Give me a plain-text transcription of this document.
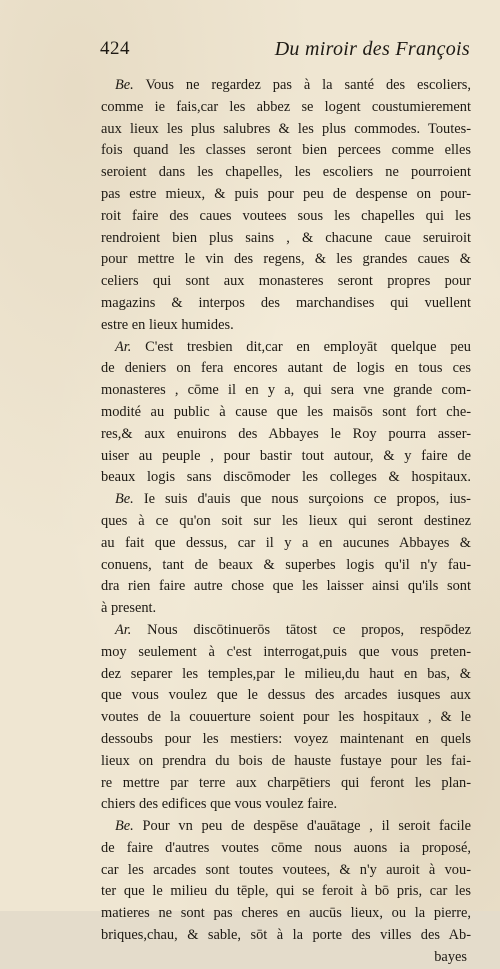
424	Du miroir des François
Be. Vous ne regardez pas à la santé des escoliers,
comme ie fais,car les abbez se logent coustumierement
aux lieux les plus salubres & les plus commodes. Toutes-
fois quand les classes seront bien percees comme elles
seroient dans les chapelles, les escoliers ne pourroient
pas estre mieux, & puis pour peu de despense on pour-
roit faire des caues voutees sous les chapelles qui les
rendroient bien plus sains , & chacune caue seruiroit
pour mettre le vin des regens, & les grandes caues &
celiers qui sont aux monasteres seront propres pour
magazins & interpos des marchandises qui vuellent
estre en lieux humides.
Ar. C'est tresbien dit,car en employāt quelque peu
de deniers on fera encores autant de logis en tous ces
monasteres , cōme il en y a, qui sera vne grande com-
modité au public à cause que les maisōs sont fort che-
res,& aux enuirons des Abbayes le Roy pourra asser-
uiser au peuple , pour bastir tout autour, & y faire de
beaux logis sans discōmoder les colleges & hospitaux.
Be. Ie suis d'auis que nous surçoions ce propos, ius-
ques à ce qu'on soit sur les lieux qui seront destinez
au fait que dessus, car il y a en aucunes Abbayes &
conuens, tant de beaux & superbes logis qu'il n'y fau-
dra rien faire autre chose que les laisser ainsi qu'ils sont
à present.
Ar. Nous discōtinuerōs tātost ce propos, respōdez
moy seulement à c'est interrogat,puis que vous preten-
dez separer les temples,par le milieu,du haut en bas, &
que vous voulez que le dessus des arcades iusques aux
voutes de la couuerture soient pour les hospitaux , & le
dessoubs pour les mestiers: voyez maintenant en quels
lieux on prendra du bois de hauste fustaye pour les fai-
re mettre par terre aux charpētiers qui feront les plan-
chiers des edifices que vous voulez faire.
Be. Pour vn peu de despēse d'auātage , il seroit facile
de faire d'autres voutes cōme nous auons ia proposé,
car les arcades sont toutes voutees, & n'y auroit à vou-
ter que le milieu du tēple, qui se feroit à bō pris, car les
matieres ne sont pas cheres en aucūs lieux, ou la pierre,
briques,chau, & sable, sōt à la porte des villes des Ab-
bayes
